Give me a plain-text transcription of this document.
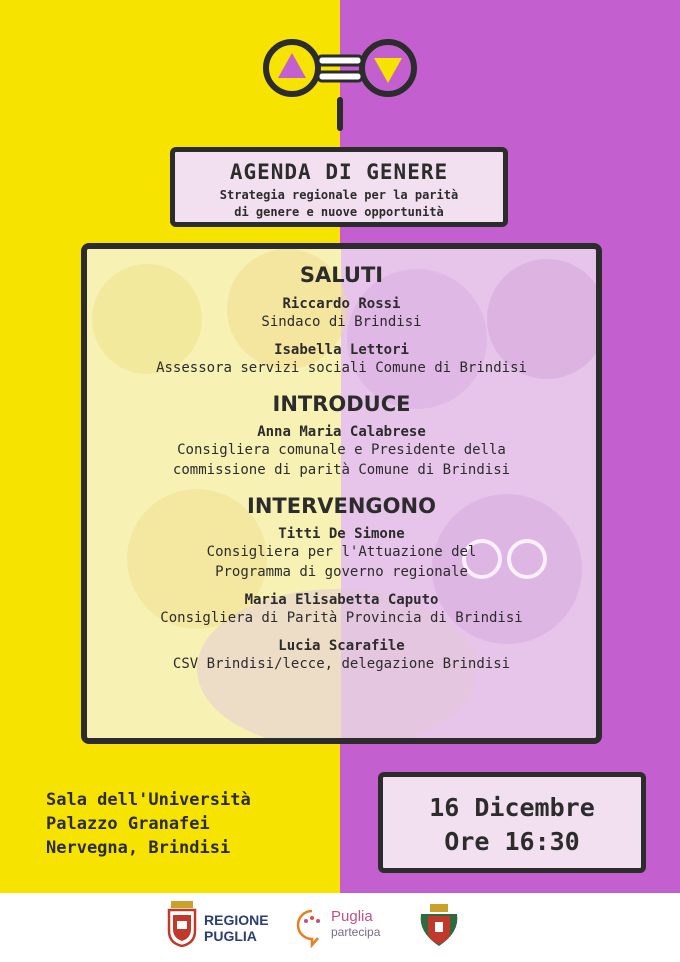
AGENDA DI GENERE
Strategia regionale per la parità
di genere e nuove opportunità
SALUTI
Riccardo Rossi
Sindaco di Brindisi
Isabella Lettori
Assessora servizi sociali Comune di Brindisi
INTRODUCE
Anna Maria Calabrese
Consigliera comunale e Presidente della
commissione di parità Comune di Brindisi
INTERVENGONO
Titti De Simone
Consigliera per l'Attuazione del
Programma di governo regionale
Maria Elisabetta Caputo
Consigliera di Parità Provincia di Brindisi
Lucia Scarafile
CSV Brindisi/lecce, delegazione Brindisi
Sala dell'Università
Palazzo Granafei
Nervegna, Brindisi
16 Dicembre
Ore 16:30
REGIONE
PUGLIA
Puglia
partecipa
